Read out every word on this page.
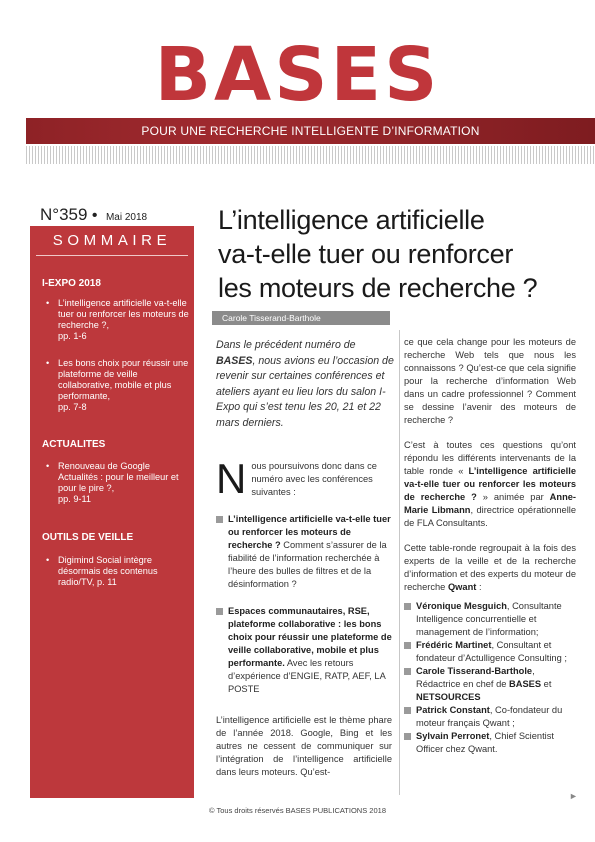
BASES
POUR UNE RECHERCHE INTELLIGENTE D’INFORMATION
N°359 • Mai 2018
SOMMAIRE
I-EXPO 2018
• L’intelligence artificielle va-t-elle tuer ou renforcer les moteurs de recherche ?,
pp. 1-6
• Les bons choix pour réussir une plateforme de veille collaborative, mobile et plus performante,
pp. 7-8
ACTUALITES
• Renouveau de Google Actualités : pour le meilleur et pour le pire ?,
pp. 9-11
OUTILS DE VEILLE
• Digimind Social intègre désormais des contenus radio/TV, p. 11
L’intelligence artificielle
va-t-elle tuer ou renforcer
les moteurs de recherche ?
Carole Tisserand-Barthole
Dans le précédent numéro de BASES, nous avions eu l’occasion de revenir sur certaines conférences et ateliers ayant eu lieu lors du salon I-Expo qui s’est tenu les 20, 21 et 22 mars derniers.

Nous poursuivons donc dans ce numéro avec les conférences suivantes :

L’intelligence artificielle va-t-elle tuer ou renforcer les moteurs de recherche ? Comment s’assurer de la fiabilité de l’information recherchée à l’heure des bulles de filtres et de la désinformation ?
Espaces communautaires, RSE, plateforme collaborative : les bons choix pour réussir une plateforme de veille collaborative, mobile et plus performante. Avec les retours d’expérience d’ENGIE, RATP, AEF, LA POSTE

L’intelligence artificielle est le thème phare de l’année 2018. Google, Bing et les autres ne cessent de communiquer sur l’intégration de l’intelligence artificielle dans leurs moteurs. Qu’est-

ce que cela change pour les moteurs de recherche Web tels que nous les connaissons ? Qu’est-ce que cela signifie pour la recherche d’information Web dans un cadre professionnel ? Comment se dessine l’avenir des moteurs de recherche ?

C’est à toutes ces questions qu’ont répondu les différents intervenants de la table ronde « L’intelligence artificielle va-t-elle tuer ou renforcer les moteurs de recherche ? » animée par Anne-Marie Libmann, directrice opérationnelle de FLA Consultants.

Cette table-ronde regroupait à la fois des experts de la veille et de la recherche d’information et des experts du moteur de recherche Qwant :

Véronique Mesguich, Consultante Intelligence concurrentielle et management de l’information;
Frédéric Martinet, Consultant et fondateur d’Actulligence Consulting ;
Carole Tisserand-Barthole, Rédactrice en chef de BASES et NETSOURCES
Patrick Constant, Co-fondateur du moteur français Qwant ;
Sylvain Perronet, Chief Scientist Officer chez Qwant.
►
© Tous droits réservés BASES PUBLICATIONS 2018
